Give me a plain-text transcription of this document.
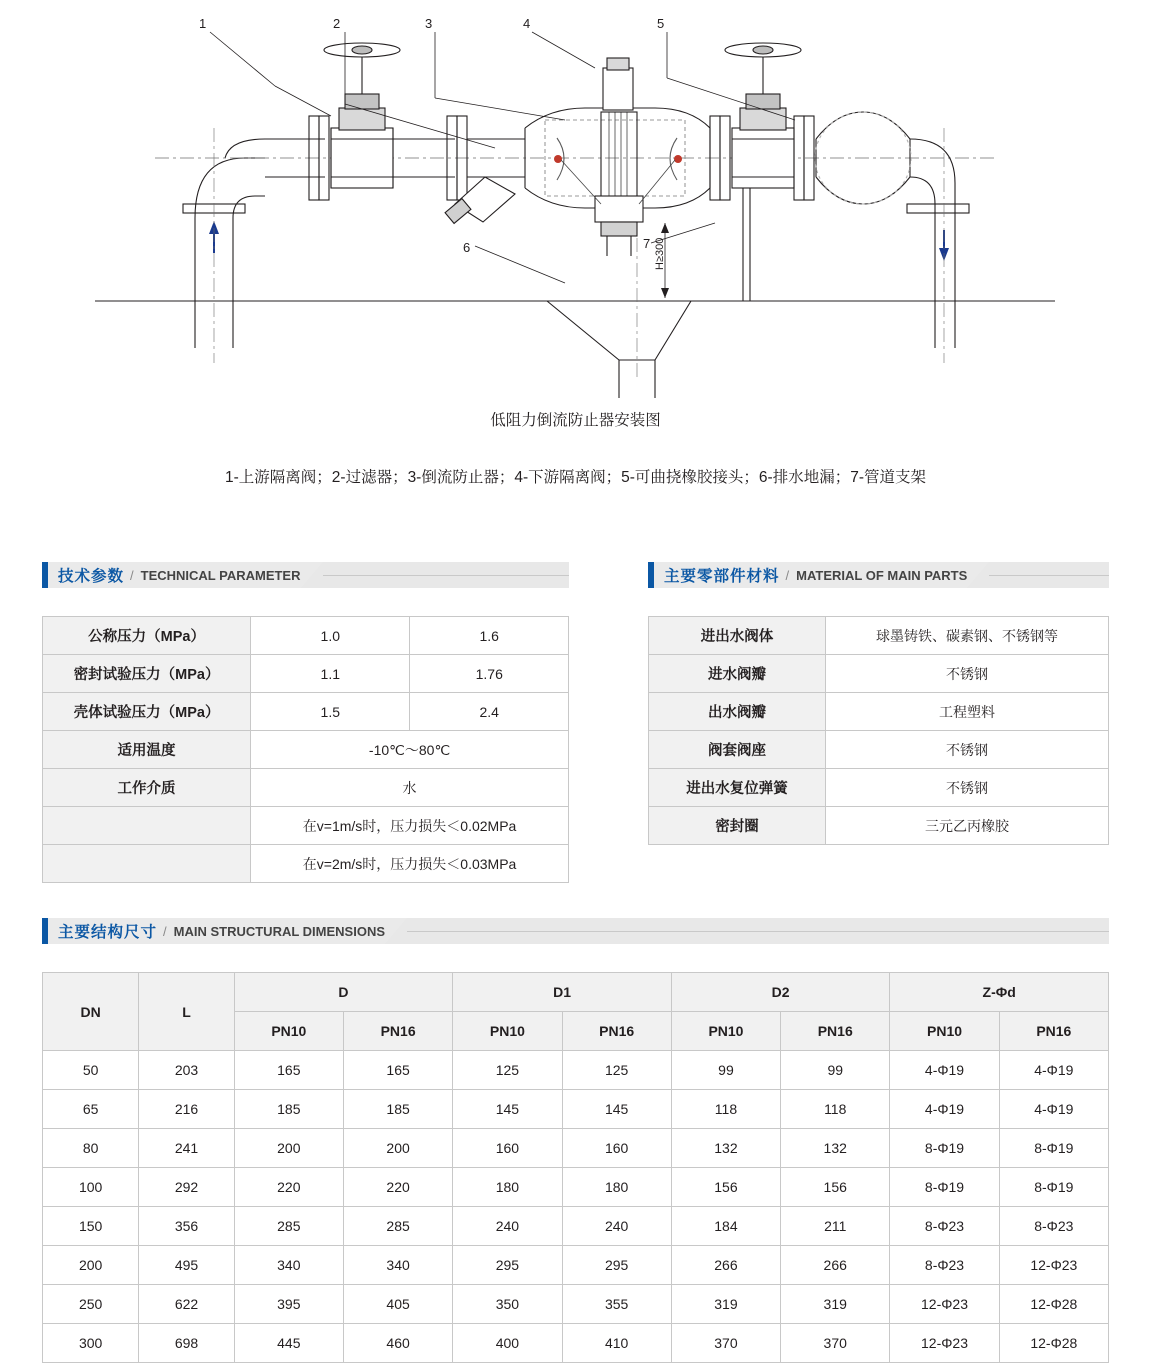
1	2	3	4	5
6	7 H≥300
低阻力倒流防止器安装图
1-上游隔离阀；2-过滤器；3-倒流防止器；4-下游隔离阀；5-可曲挠橡胶接头；6-排水地漏；7-管道支架
技术参数 / TECHNICAL PARAMETER
公称压力（MPa）	1.0	1.6
密封试验压力（MPa）	1.1	1.76
壳体试验压力（MPa）	1.5	2.4
适用温度	-10℃～80℃	
工作介质	水	
	在v=1m/s时，压力损失＜0.02MPa	
	在v=2m/s时，压力损失＜0.03MPa	
主要零部件材料 / MATERIAL OF MAIN PARTS
进出水阀体	球墨铸铁、碳素钢、不锈钢等
进水阀瓣	不锈钢
出水阀瓣	工程塑料
阀套阀座	不锈钢
进出水复位弹簧	不锈钢
密封圈	三元乙丙橡胶
主要结构尺寸 / MAIN STRUCTURAL DIMENSIONS
DN	L	D		D1		D2		Z-Φd	
		PN10	PN16	PN10	PN16	PN10	PN16	PN10	PN16
50	203	165	165	125	125	99	99	4-Φ19	4-Φ19
65	216	185	185	145	145	118	118	4-Φ19	4-Φ19
80	241	200	200	160	160	132	132	8-Φ19	8-Φ19
100	292	220	220	180	180	156	156	8-Φ19	8-Φ19
150	356	285	285	240	240	184	211	8-Φ23	8-Φ23
200	495	340	340	295	295	266	266	8-Φ23	12-Φ23
250	622	395	405	350	355	319	319	12-Φ23	12-Φ28
300	698	445	460	400	410	370	370	12-Φ23	12-Φ28
